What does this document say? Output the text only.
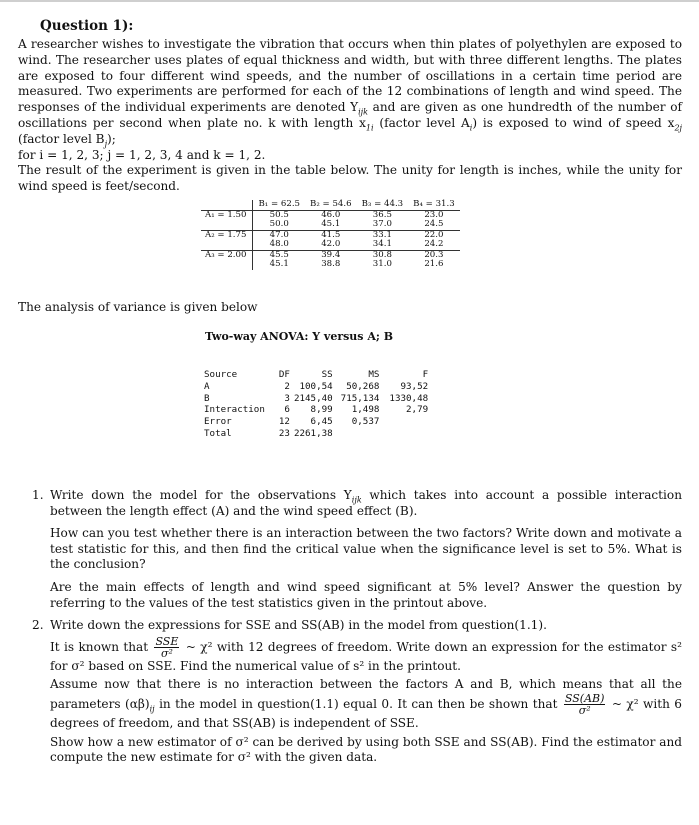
Question 1):

A researcher wishes to investigate the vibration that occurs when thin plates of polyethylen are exposed to wind. The researcher uses plates of equal thickness and width, but with three different lengths. The plates are exposed to four different wind speeds, and the number of oscillations in a certain time period are measured. Two experiments are performed for each of the 12 combinations of length and wind speed. The responses of the individual experiments are denoted $Y_{ijk}$ and are given as one hundredth of the number of oscillations per second when plate no. k with length $x_{1i}$ (factor level $A_i$) is exposed to wind of speed $x_{2j}$ (factor level $B_j$);
for i = 1, 2, 3; j = 1, 2, 3, 4 and k = 1, 2.

The result of the experiment is given in the table below. The unity for length is inches, while the unity for wind speed is feet/second.

	B₁ = 62.5	B₂ = 54.6	B₃ = 44.3	B₄ = 31.3
A₁ = 1.50	50.5	46.0	36.5	23.0
	50.0	45.1	37.0	24.5
A₂ = 1.75	47.0	41.5	33.1	22.0
	48.0	42.0	34.1	24.2
A₃ = 2.00	45.5	39.4	30.8	20.3
	45.1	38.8	31.0	21.6
The analysis of variance is given below
Two-way ANOVA: Y versus A; B
Source	DF	SS	MS	F
A	2	100,54	50,268	93,52
B	3	2145,40	715,134	1330,48
Interaction	6	8,99	1,498	2,79
Error	12	6,45	0,537	
Total	23	2261,38		
1. Write down the model for the observations $Y_{ijk}$ which takes into account a possible interaction between the length effect (A) and the wind speed effect (B).

How can you test whether there is an interaction between the two factors? Write down and motivate a test statistic for this, and then find the critical value when the significance level is set to 5%. What is the conclusion?

Are the main effects of length and wind speed significant at 5% level? Answer the question by referring to the values of the test statistics given in the printout above.

2. Write down the expressions for SSE and SS(AB) in the model from question(1.1).

It is known that $\frac{\text{SSE}}{\text{σ²}}$ ~ χ² with 12 degrees of freedom. Write down an expression for the estimator s² for σ² based on SSE. Find the numerical value of s² in the printout.

Assume now that there is no interaction between the factors A and B, which means that all the parameters $(\alpha\beta)_{ij}$ in the model in question(1.1) equal 0. It can then be shown that $\frac{SS(AB)}{\text{σ²}}$ ~ χ² with 6 degrees of freedom, and that SS(AB) is independent of SSE.

Show how a new estimator of σ² can be derived by using both SSE and SS(AB). Find the estimator and compute the new estimate for σ² with the given data.
